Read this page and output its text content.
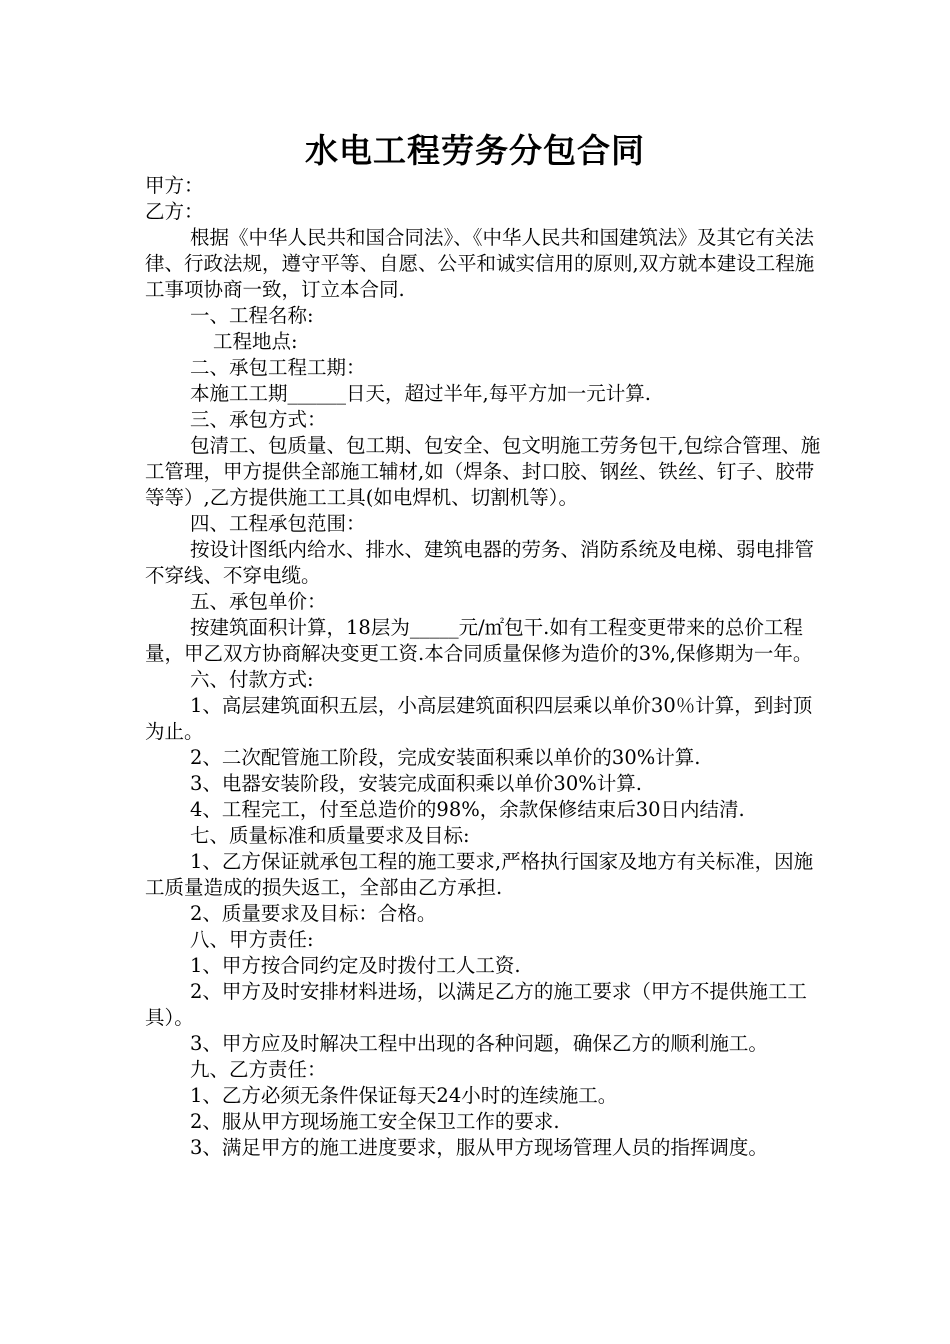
水电工程劳务分包合同

甲方：

乙方：

根据《中华人民共和国合同法》、《中华人民共和国建筑法》及其它有关法律、行政法规，遵守平等、自愿、公平和诚实信用的原则,双方就本建设工程施工事项协商一致，订立本合同.

一、工程名称:

工程地点:

二、承包工程工期：

本施工工期______日天，超过半年,每平方加一元计算.

三、承包方式：

包清工、包质量、包工期、包安全、包文明施工劳务包干,包综合管理、施工管理，甲方提供全部施工辅材,如（焊条、封口胶、钢丝、铁丝、钉子、胶带等等）,乙方提供施工工具(如电焊机、切割机等）。

四、工程承包范围：

按设计图纸内给水、排水、建筑电器的劳务、消防系统及电梯、弱电排管不穿线、不穿电缆。

五、承包单价：

按建筑面积计算，18层为_____元/㎡包干.如有工程变更带来的总价工程量，甲乙双方协商解决变更工资.本合同质量保修为造价的3%,保修期为一年。

六、付款方式:

1、高层建筑面积五层，小高层建筑面积四层乘以单价30％计算，到封顶为止。

2、二次配管施工阶段，完成安装面积乘以单价的30%计算.

3、电器安装阶段，安装完成面积乘以单价30%计算.

4、工程完工，付至总造价的98%，余款保修结束后30日内结清.

七、质量标准和质量要求及目标:

1、乙方保证就承包工程的施工要求,严格执行国家及地方有关标准，因施工质量造成的损失返工，全部由乙方承担.

2、质量要求及目标：合格。

八、甲方责任:

1、甲方按合同约定及时拨付工人工资.

2、甲方及时安排材料进场，以满足乙方的施工要求（甲方不提供施工工具）。

3、甲方应及时解决工程中出现的各种问题，确保乙方的顺利施工。

九、乙方责任：

1、乙方必须无条件保证每天24小时的连续施工。

2、服从甲方现场施工安全保卫工作的要求.

3、满足甲方的施工进度要求，服从甲方现场管理人员的指挥调度。
